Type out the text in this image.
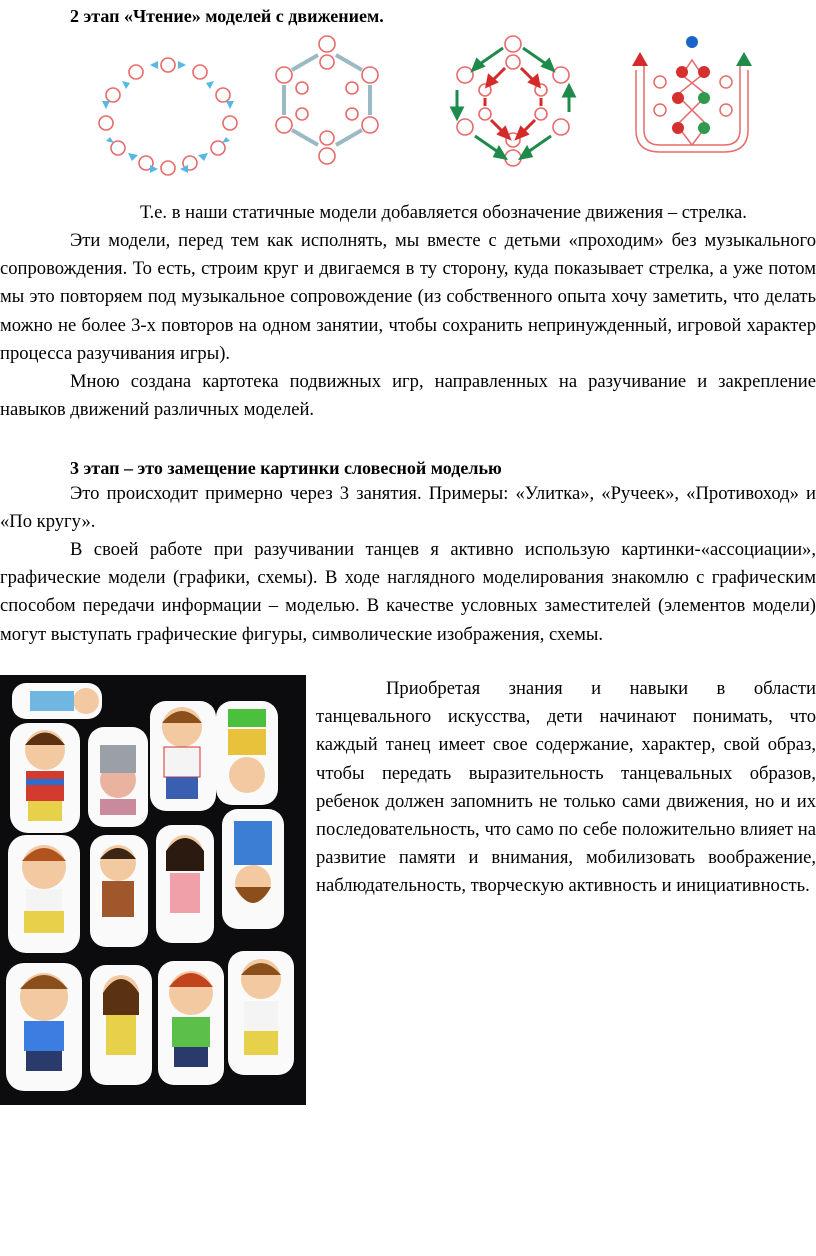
2 этап «Чтение» моделей с движением.
Т.е. в наши статичные модели добавляется обозначение движения – стрелка.
Эти модели, перед тем как исполнять, мы вместе с детьми «проходим» без музыкального сопровождения. То есть, строим круг и двигаемся в ту сторону, куда показывает стрелка, а уже потом мы это повторяем под музыкальное сопровождение (из собственного опыта хочу заметить, что делать можно не более 3-х повторов на одном занятии, чтобы сохранить непринужденный, игровой характер процесса разучивания игры).
Мною создана картотека подвижных игр, направленных на разучивание и закрепление навыков движений различных моделей.
3 этап – это замещение картинки словесной моделью
Это происходит примерно через 3 занятия. Примеры: «Улитка», «Ручеек», «Противоход» и «По кругу».
В своей работе при разучивании танцев я активно использую картинки-«ассоциации», графические модели (графики, схемы). В ходе наглядного моделирования знакомлю с графическим способом передачи информации – моделью. В качестве условных заместителей (элементов модели) могут выступать графические фигуры, символические изображения, схемы.
Приобретая знания и навыки в области танцевального искусства, дети начинают понимать, что каждый танец имеет свое содержание, характер, свой образ, чтобы передать выразительность танцевальных образов, ребенок должен запомнить не только сами движения, но и их последовательность, что само по себе положительно влияет на развитие памяти и внимания, мобилизовать воображение, наблюдательность, творческую активность и инициативность.
